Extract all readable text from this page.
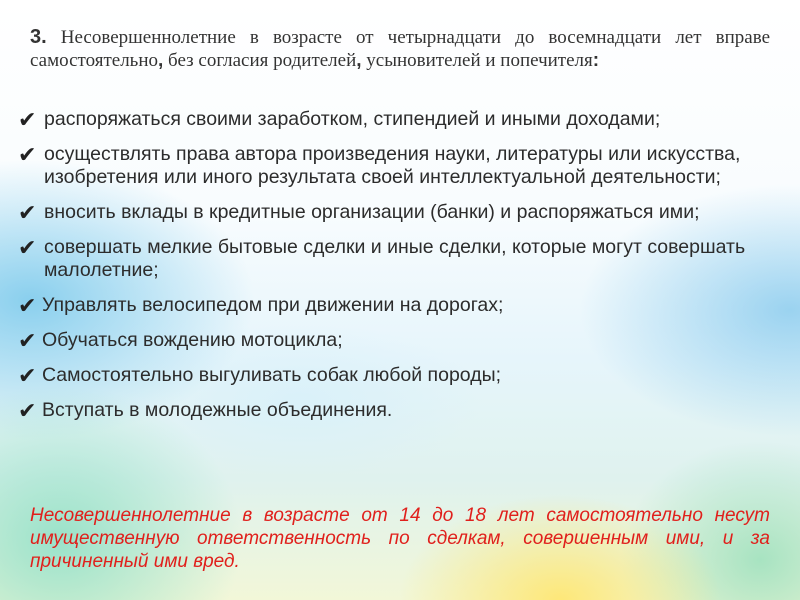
3. Несовершеннолетние в возрасте от четырнадцати до восемнадцати лет вправе самостоятельно, без согласия родителей, усыновителей и попечителя:

✔ распоряжаться своими заработком, стипендией и иными доходами;
✔ осуществлять права автора произведения науки, литературы или искусства, изобретения или иного результата своей интеллектуальной деятельности;
✔ вносить вклады в кредитные организации (банки) и распоряжаться ими;
✔ совершать мелкие бытовые сделки и иные сделки, которые могут совершать малолетние;
✔ Управлять велосипедом при движении на дорогах;
✔ Обучаться вождению мотоцикла;
✔ Самостоятельно выгуливать собак любой породы;
✔ Вступать в молодежные объединения.

Несовершеннолетние в возрасте от 14 до 18 лет самостоятельно несут имущественную ответственность по сделкам, совершенным ими, и за причиненный ими вред.
